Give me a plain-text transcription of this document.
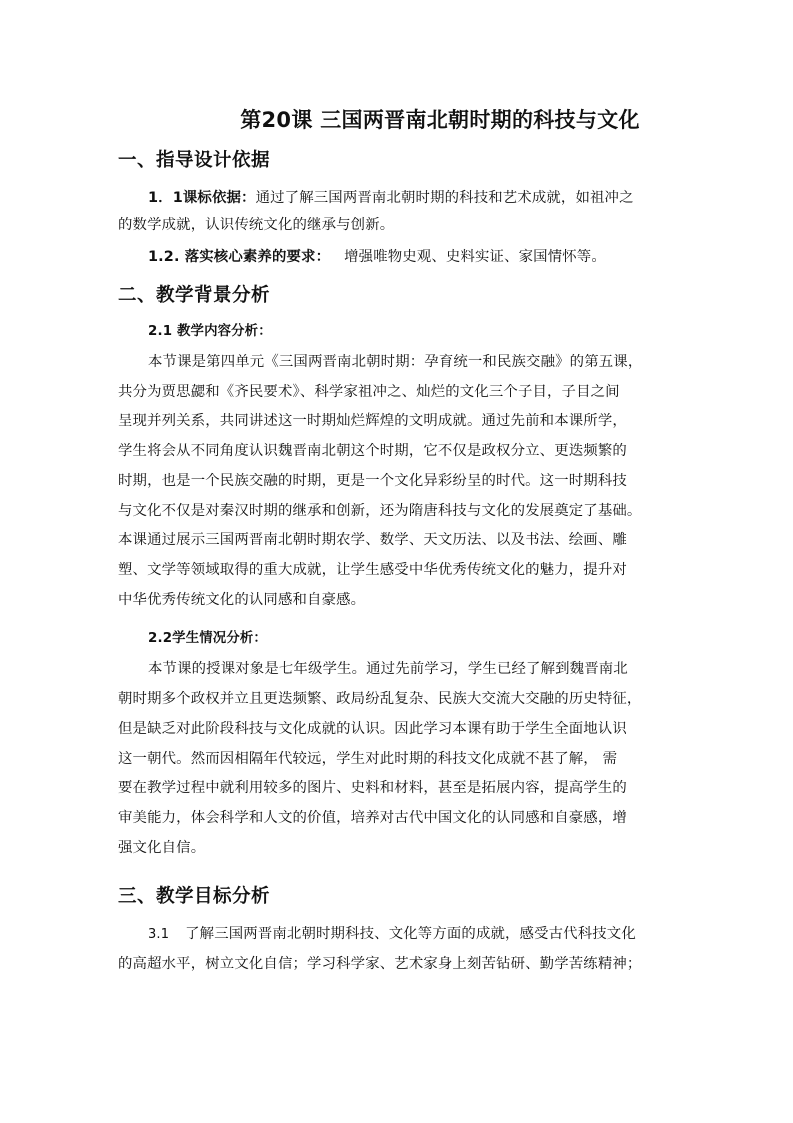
第20课 三国两晋南北朝时期的科技与文化
一、指导设计依据
1．1课标依据：通过了解三国两晋南北朝时期的科技和艺术成就，如祖冲之
的数学成就，认识传统文化的继承与创新。
1.2. 落实核心素养的要求： 增强唯物史观、史料实证、家国情怀等。
二、教学背景分析
2.1 教学内容分析：
本节课是第四单元《三国两晋南北朝时期：孕育统一和民族交融》的第五课，
共分为贾思勰和《齐民要术》、科学家祖冲之、灿烂的文化三个子目，子目之间
呈现并列关系，共同讲述这一时期灿烂辉煌的文明成就。通过先前和本课所学，
学生将会从不同角度认识魏晋南北朝这个时期，它不仅是政权分立、更迭频繁的
时期，也是一个民族交融的时期，更是一个文化异彩纷呈的时代。这一时期科技
与文化不仅是对秦汉时期的继承和创新，还为隋唐科技与文化的发展奠定了基础。
本课通过展示三国两晋南北朝时期农学、数学、天文历法、以及书法、绘画、雕
塑、文学等领域取得的重大成就，让学生感受中华优秀传统文化的魅力，提升对
中华优秀传统文化的认同感和自豪感。
2.2学生情况分析：
本节课的授课对象是七年级学生。通过先前学习，学生已经了解到魏晋南北
朝时期多个政权并立且更迭频繁、政局纷乱复杂、民族大交流大交融的历史特征，
但是缺乏对此阶段科技与文化成就的认识。因此学习本课有助于学生全面地认识
这一朝代。然而因相隔年代较远，学生对此时期的科技文化成就不甚了解， 需
要在教学过程中就利用较多的图片、史料和材料，甚至是拓展内容，提高学生的
审美能力，体会科学和人文的价值，培养对古代中国文化的认同感和自豪感，增
强文化自信。
三、教学目标分析
3.1 了解三国两晋南北朝时期科技、文化等方面的成就，感受古代科技文化
的高超水平，树立文化自信；学习科学家、艺术家身上刻苦钻研、勤学苦练精神；
